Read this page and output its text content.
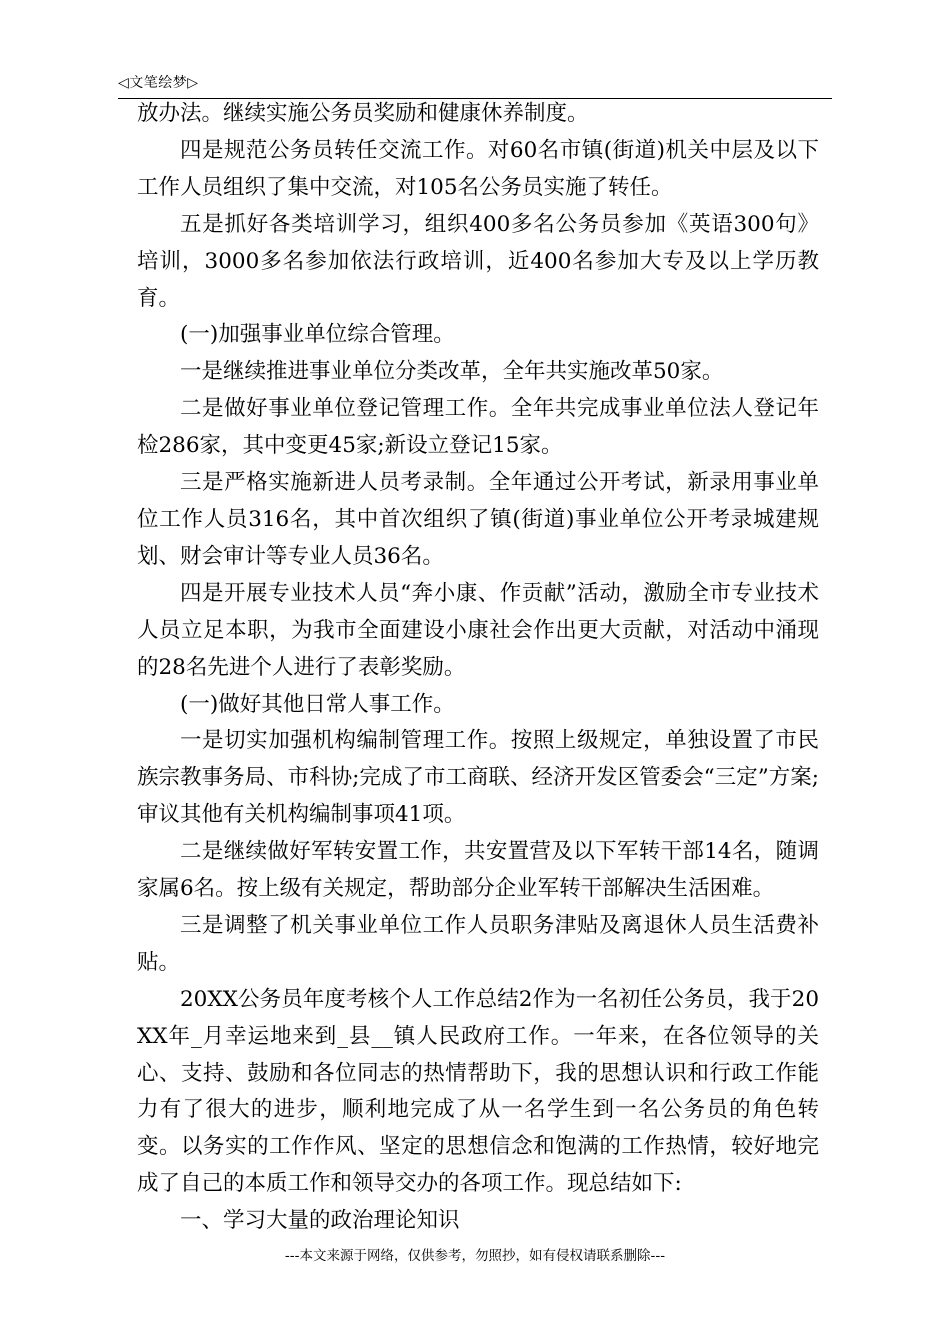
◁文笔绘梦▷

放办法。继续实施公务员奖励和健康休养制度。

四是规范公务员转任交流工作。对60名市镇(街道)机关中层及以下工作人员组织了集中交流，对105名公务员实施了转任。

五是抓好各类培训学习，组织400多名公务员参加《英语300句》培训，3000多名参加依法行政培训，近400名参加大专及以上学历教育。

(一)加强事业单位综合管理。

一是继续推进事业单位分类改革，全年共实施改革50家。

二是做好事业单位登记管理工作。全年共完成事业单位法人登记年检286家，其中变更45家;新设立登记15家。

三是严格实施新进人员考录制。全年通过公开考试，新录用事业单位工作人员316名，其中首次组织了镇(街道)事业单位公开考录城建规划、财会审计等专业人员36名。

四是开展专业技术人员“奔小康、作贡献”活动，激励全市专业技术人员立足本职，为我市全面建设小康社会作出更大贡献，对活动中涌现的28名先进个人进行了表彰奖励。

(一)做好其他日常人事工作。

一是切实加强机构编制管理工作。按照上级规定，单独设置了市民族宗教事务局、市科协;完成了市工商联、经济开发区管委会“三定”方案;审议其他有关机构编制事项41项。

二是继续做好军转安置工作，共安置营及以下军转干部14名，随调家属6名。按上级有关规定，帮助部分企业军转干部解决生活困难。

三是调整了机关事业单位工作人员职务津贴及离退休人员生活费补贴。

20XX公务员年度考核个人工作总结2作为一名初任公务员，我于20XX年_月幸运地来到_县__镇人民政府工作。一年来，在各位领导的关心、支持、鼓励和各位同志的热情帮助下，我的思想认识和行政工作能力有了很大的进步，顺利地完成了从一名学生到一名公务员的角色转变。以务实的工作作风、坚定的思想信念和饱满的工作热情，较好地完成了自己的本质工作和领导交办的各项工作。现总结如下:

一、学习大量的政治理论知识

---本文来源于网络，仅供参考，勿照抄，如有侵权请联系删除---
